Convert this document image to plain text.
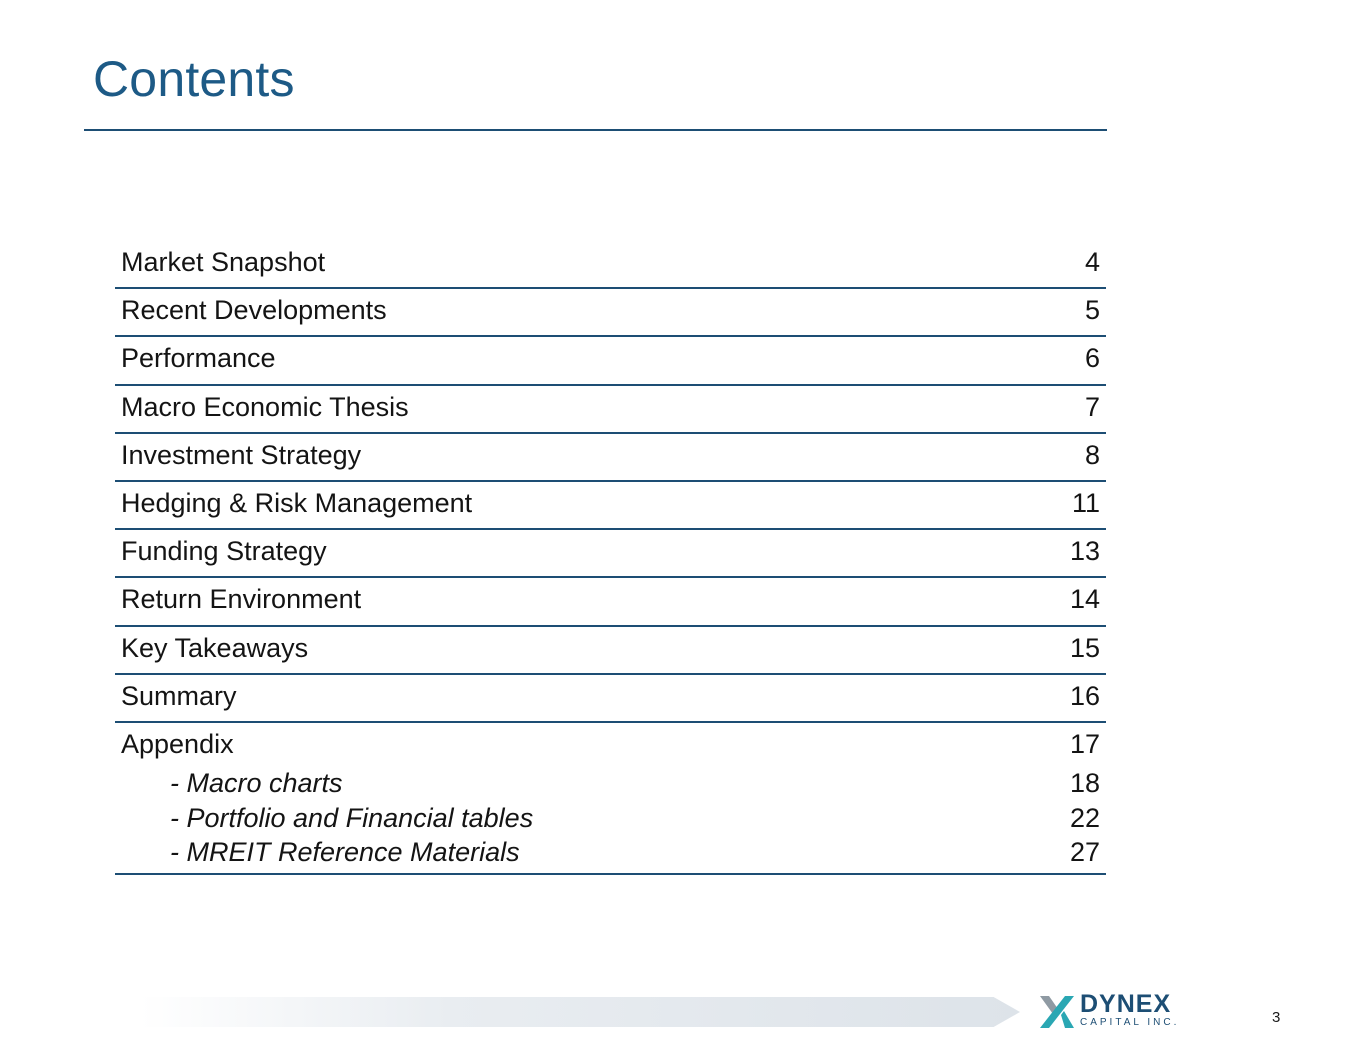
Contents
Market Snapshot	4
Recent Developments	5
Performance	6
Macro Economic Thesis	7
Investment Strategy	8
Hedging & Risk Management	11
Funding Strategy	13
Return Environment	14
Key Takeaways	15
Summary	16
Appendix	17
- Macro charts	18
- Portfolio and Financial tables	22
- MREIT Reference Materials	27
DYNEX
CAPITAL INC.	3
